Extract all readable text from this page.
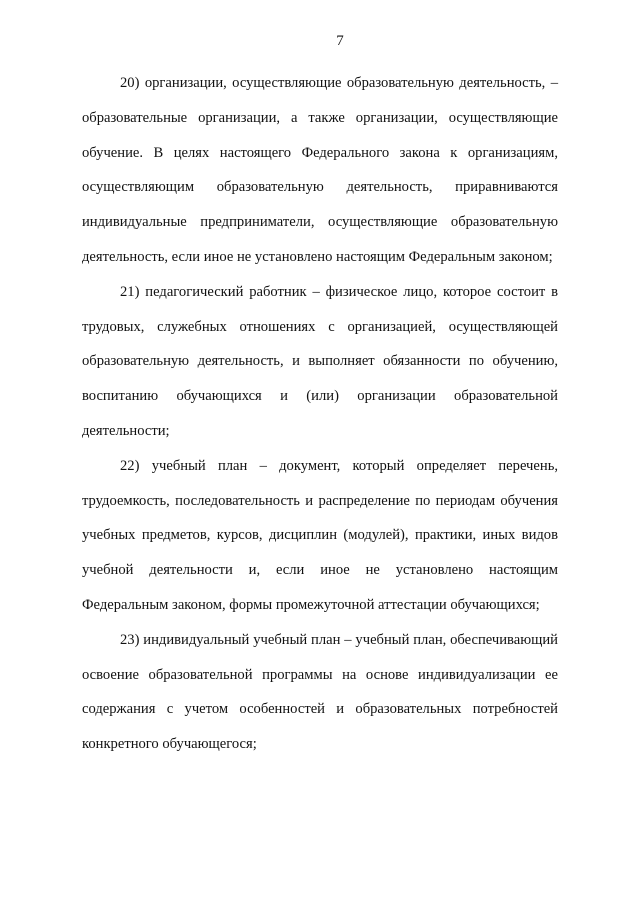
7

20) организации, осуществляющие образовательную деятельность, – образовательные организации, а также организации, осуществляющие обучение. В целях настоящего Федерального закона к организациям, осуществляющим образовательную деятельность, приравниваются индивидуальные предприниматели, осуществляющие образовательную деятельность, если иное не установлено настоящим Федеральным законом;

21) педагогический работник – физическое лицо, которое состоит в трудовых, служебных отношениях с организацией, осуществляющей образовательную деятельность, и выполняет обязанности по обучению, воспитанию обучающихся и (или) организации образовательной деятельности;

22) учебный план – документ, который определяет перечень, трудоемкость, последовательность и распределение по периодам обучения учебных предметов, курсов, дисциплин (модулей), практики, иных видов учебной деятельности и, если иное не установлено настоящим Федеральным законом, формы промежуточной аттестации обучающихся;

23) индивидуальный учебный план – учебный план, обеспечивающий освоение образовательной программы на основе индивидуализации ее содержания с учетом особенностей и образовательных потребностей конкретного обучающегося;
